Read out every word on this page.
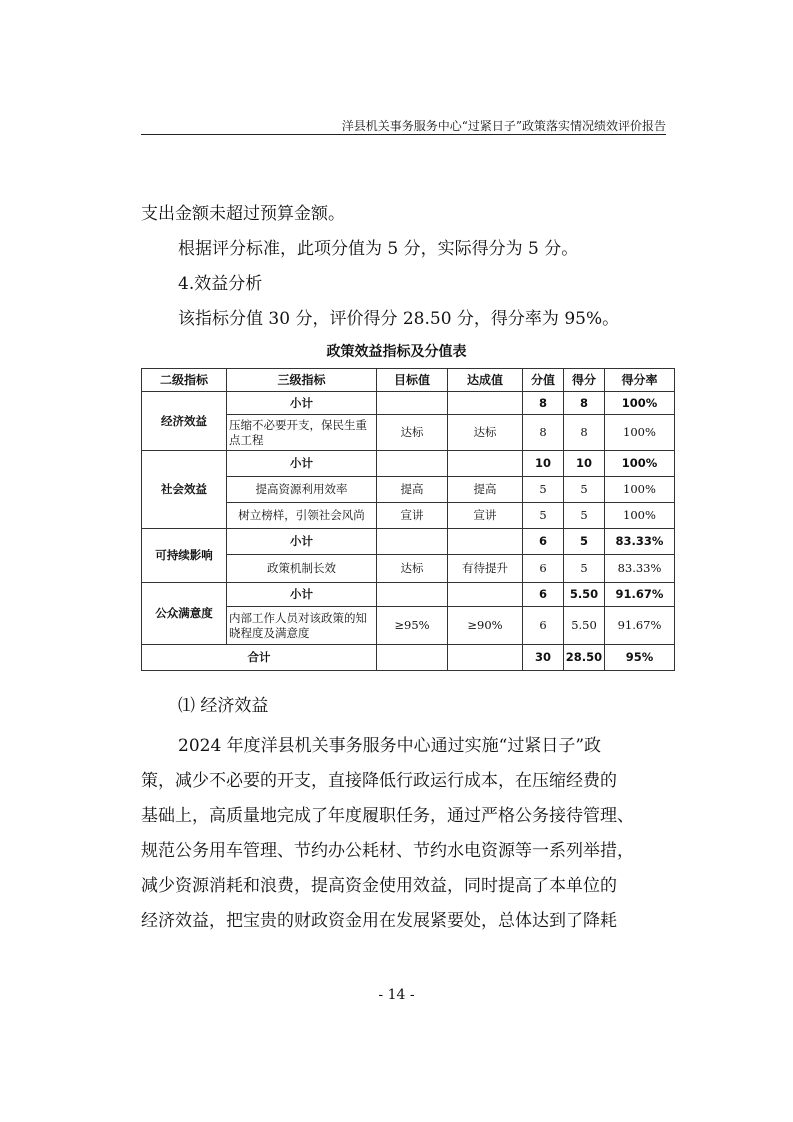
洋县机关事务服务中心“过紧日子”政策落实情况绩效评价报告
支出金额未超过预算金额。
根据评分标准，此项分值为 5 分，实际得分为 5 分。
4.效益分析
该指标分值 30 分，评价得分 28.50 分，得分率为 95%。
政策效益指标及分值表
二级指标	三级指标	目标值	达成值	分值	得分	得分率
经济效益	小计			8	8	100%
	压缩不必要开支，保民生重点工程	达标	达标	8	8	100%
社会效益	小计			10	10	100%
	提高资源利用效率	提高	提高	5	5	100%
	树立榜样，引领社会风尚	宣讲	宣讲	5	5	100%
可持续影响	小计			6	5	83.33%
	政策机制长效	达标	有待提升	6	5	83.33%
公众满意度	小计			6	5.50	91.67%
	内部工作人员对该政策的知晓程度及满意度	≥95%	≥90%	6	5.50	91.67%
合计				30	28.50	95%
⑴ 经济效益
2024 年度洋县机关事务服务中心通过实施“过紧日子”政
策，减少不必要的开支，直接降低行政运行成本，在压缩经费的
基础上，高质量地完成了年度履职任务，通过严格公务接待管理、
规范公务用车管理、节约办公耗材、节约水电资源等一系列举措，
减少资源消耗和浪费，提高资金使用效益，同时提高了本单位的
经济效益，把宝贵的财政资金用在发展紧要处，总体达到了降耗
- 14 -
